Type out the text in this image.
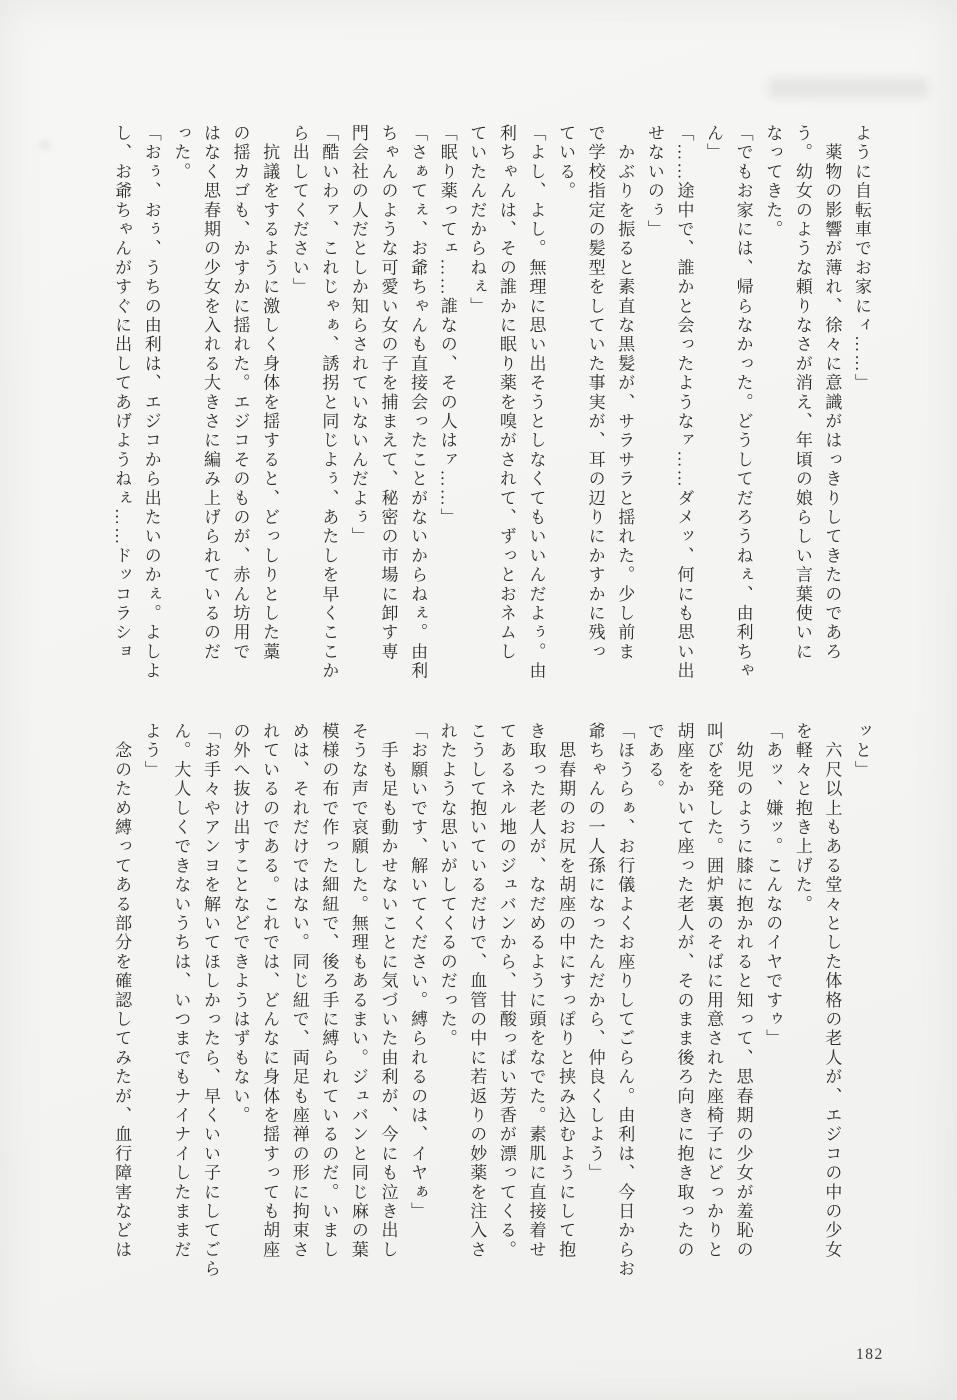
ように自転車でお家にィ……」

　薬物の影響が薄れ、徐々に意識がはっきりしてきたのであろ

う。幼女のような頼りなさが消え、年頃の娘らしい言葉使いに

なってきた。

「でもお家には、帰らなかった。どうしてだろうねぇ、由利ちゃ

ん」

「……途中で、誰かと会ったようなァ……ダメッ、何にも思い出

せないのぅ」

　かぶりを振ると素直な黒髪が、サラサラと揺れた。少し前ま

で学校指定の髪型をしていた事実が、耳の辺りにかすかに残っ

ている。

「よし、よし。無理に思い出そうとしなくてもいいんだよぅ。由

利ちゃんは、その誰かに眠り薬を嗅がされて、ずっとおネムし

ていたんだからねぇ」

「眠り薬ってェ……誰なの、その人はァ……」

「さぁてぇ、お爺ちゃんも直接会ったことがないからねぇ。由利

ちゃんのような可愛い女の子を捕まえて、秘密の市場に卸す専

門会社の人だとしか知らされていないんだよぅ」

「酷いわァ、これじゃぁ、誘拐と同じよぅ、あたしを早くここか

ら出してください」

　抗議をするように激しく身体を揺すると、どっしりとした藁

の揺カゴも、かすかに揺れた。エジコそのものが、赤ん坊用で

はなく思春期の少女を入れる大きさに編み上げられているのだ

った。

「おぅ、おぅ、うちの由利は、エジコから出たいのかぇ。よしよ

し、お爺ちゃんがすぐに出してあげようねぇ……ドッコラショ

ッと」

　六尺以上もある堂々とした体格の老人が、エジコの中の少女

を軽々と抱き上げた。

「あッ、嫌ッ。こんなのイヤですゥ」

　幼児のように膝に抱かれると知って、思春期の少女が羞恥の

叫びを発した。囲炉裏のそばに用意された座椅子にどっかりと

胡座をかいて座った老人が、そのまま後ろ向きに抱き取ったの

である。

「ほうらぁ、お行儀よくお座りしてごらん。由利は、今日からお

爺ちゃんの一人孫になったんだから、仲良くしよう」

　思春期のお尻を胡座の中にすっぽりと挟み込むようにして抱

き取った老人が、なだめるように頭をなでた。素肌に直接着せ

てあるネル地のジュバンから、甘酸っぱい芳香が漂ってくる。

こうして抱いているだけで、血管の中に若返りの妙薬を注入さ

れたような思いがしてくるのだった。

「お願いです、解いてください。縛られるのは、イヤぁ」

　手も足も動かせないことに気づいた由利が、今にも泣き出し

そうな声で哀願した。無理もあるまい。ジュバンと同じ麻の葉

模様の布で作った細紐で、後ろ手に縛られているのだ。いまし

めは、それだけではない。同じ紐で、両足も座禅の形に拘束さ

れているのである。これでは、どんなに身体を揺すっても胡座

の外へ抜け出すことなどできようはずもない。

「お手々やアンヨを解いてほしかったら、早くいい子にしてごら

ん。大人しくできないうちは、いつまでもナイナイしたままだ

よう」

　念のため縛ってある部分を確認してみたが、血行障害などは

182
